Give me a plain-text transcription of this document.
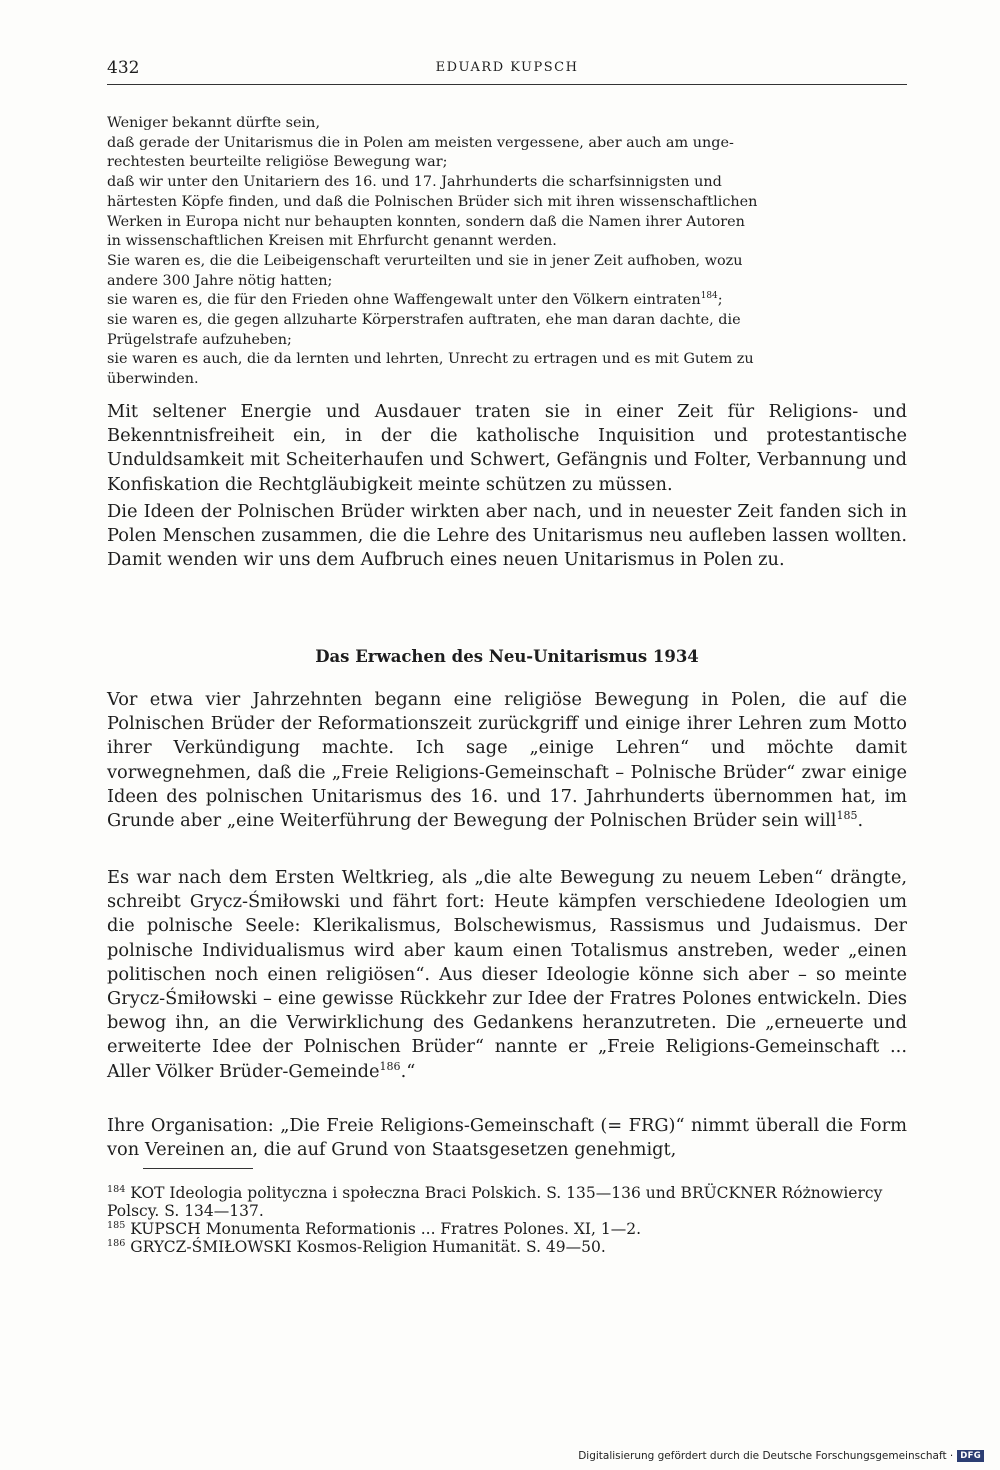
432	EDUARD KUPSCH
Weniger bekannt dürfte sein,
daß gerade der Unitarismus die in Polen am meisten vergessene, aber auch am unge-
rechtesten beurteilte religiöse Bewegung war;
daß wir unter den Unitariern des 16. und 17. Jahrhunderts die scharfsinnigsten und
härtesten Köpfe finden, und daß die Polnischen Brüder sich mit ihren wissenschaftlichen
Werken in Europa nicht nur behaupten konnten, sondern daß die Namen ihrer Autoren
in wissenschaftlichen Kreisen mit Ehrfurcht genannt werden.
Sie waren es, die die Leibeigenschaft verurteilten und sie in jener Zeit aufhoben, wozu
andere 300 Jahre nötig hatten;
sie waren es, die für den Frieden ohne Waffengewalt unter den Völkern eintraten$^{184}$;
sie waren es, die gegen allzuharte Körperstrafen auftraten, ehe man daran dachte, die
Prügelstrafe aufzuheben;
sie waren es auch, die da lernten und lehrten, Unrecht zu ertragen und es mit Gutem zu
überwinden.

Mit seltener Energie und Ausdauer traten sie in einer Zeit für Religions- und Bekenntnisfreiheit ein, in der die katholische Inquisition und protestantische Unduldsamkeit mit Scheiterhaufen und Schwert, Gefängnis und Folter, Verbannung und Konfiskation die Rechtgläubigkeit meinte schützen zu müssen.

Die Ideen der Polnischen Brüder wirkten aber nach, und in neuester Zeit fanden sich in Polen Menschen zusammen, die die Lehre des Unitarismus neu aufleben lassen wollten. Damit wenden wir uns dem Aufbruch eines neuen Unitarismus in Polen zu.

Das Erwachen des Neu-Unitarismus 1934

Vor etwa vier Jahrzehnten begann eine religiöse Bewegung in Polen, die auf die Polnischen Brüder der Reformationszeit zurückgriff und einige ihrer Lehren zum Motto ihrer Verkündigung machte. Ich sage „einige Lehren“ und möchte damit vorwegnehmen, daß die „Freie Religions-Gemeinschaft – Polnische Brüder“ zwar einige Ideen des polnischen Unitarismus des 16. und 17. Jahrhunderts übernommen hat, im Grunde aber „eine Weiterführung der Bewegung der Polnischen Brüder sein will$^{185}$.

Es war nach dem Ersten Weltkrieg, als „die alte Bewegung zu neuem Leben“ drängte, schreibt Grycz-Śmiłowski und fährt fort: Heute kämpfen verschiedene Ideologien um die polnische Seele: Klerikalismus, Bolschewismus, Rassismus und Judaismus. Der polnische Individualismus wird aber kaum einen Totalismus anstreben, weder „einen politischen noch einen religiösen“. Aus dieser Ideologie könne sich aber – so meinte Grycz-Śmiłowski – eine gewisse Rückkehr zur Idee der Fratres Polones entwickeln. Dies bewog ihn, an die Verwirklichung des Gedankens heranzutreten. Die „erneuerte und erweiterte Idee der Polnischen Brüder“ nannte er „Freie Religions-Gemeinschaft ... Aller Völker Brüder-Gemeinde$^{186}$.“

Ihre Organisation: „Die Freie Religions-Gemeinschaft (= FRG)“ nimmt überall die Form von Vereinen an, die auf Grund von Staatsgesetzen genehmigt,

$^{184}$ KOT Ideologia polityczna i społeczna Braci Polskich. S. 135—136 und BRÜCKNER Różnowiercy Polscy. S. 134—137.
$^{185}$ KUPSCH Monumenta Reformationis ... Fratres Polones. XI, 1—2.
$^{186}$ GRYCZ-ŚMIŁOWSKI Kosmos-Religion Humanität. S. 49—50.
Digitalisierung gefördert durch die Deutsche Forschungsgemeinschaft · DFG
